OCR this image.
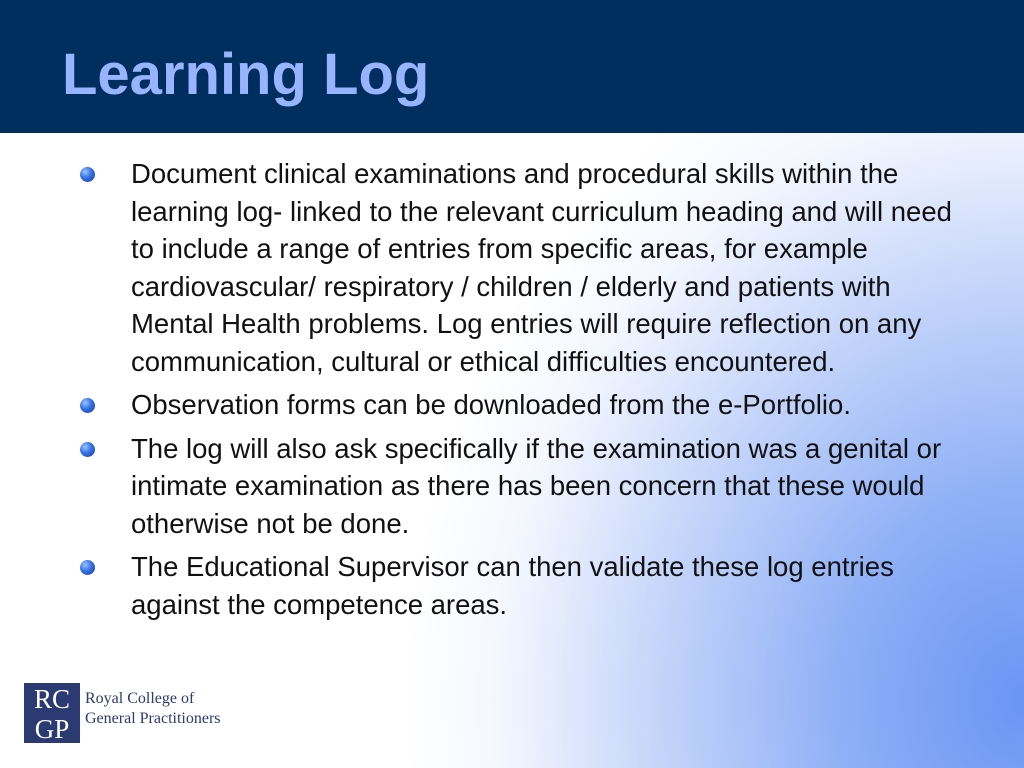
Learning Log
Document clinical examinations and procedural skills within the learning log- linked to the relevant curriculum heading and will need to include a range of entries from specific areas, for example cardiovascular/ respiratory / children / elderly and patients with Mental Health problems. Log entries will require reflection on any communication, cultural or ethical difficulties encountered.
Observation forms can be downloaded from the e-Portfolio.
The log will also ask specifically if the examination was a genital or intimate examination as there has been concern that these would otherwise not be done.
The Educational Supervisor can then validate these log entries against the competence areas.
RC
GP
Royal College of
General Practitioners
